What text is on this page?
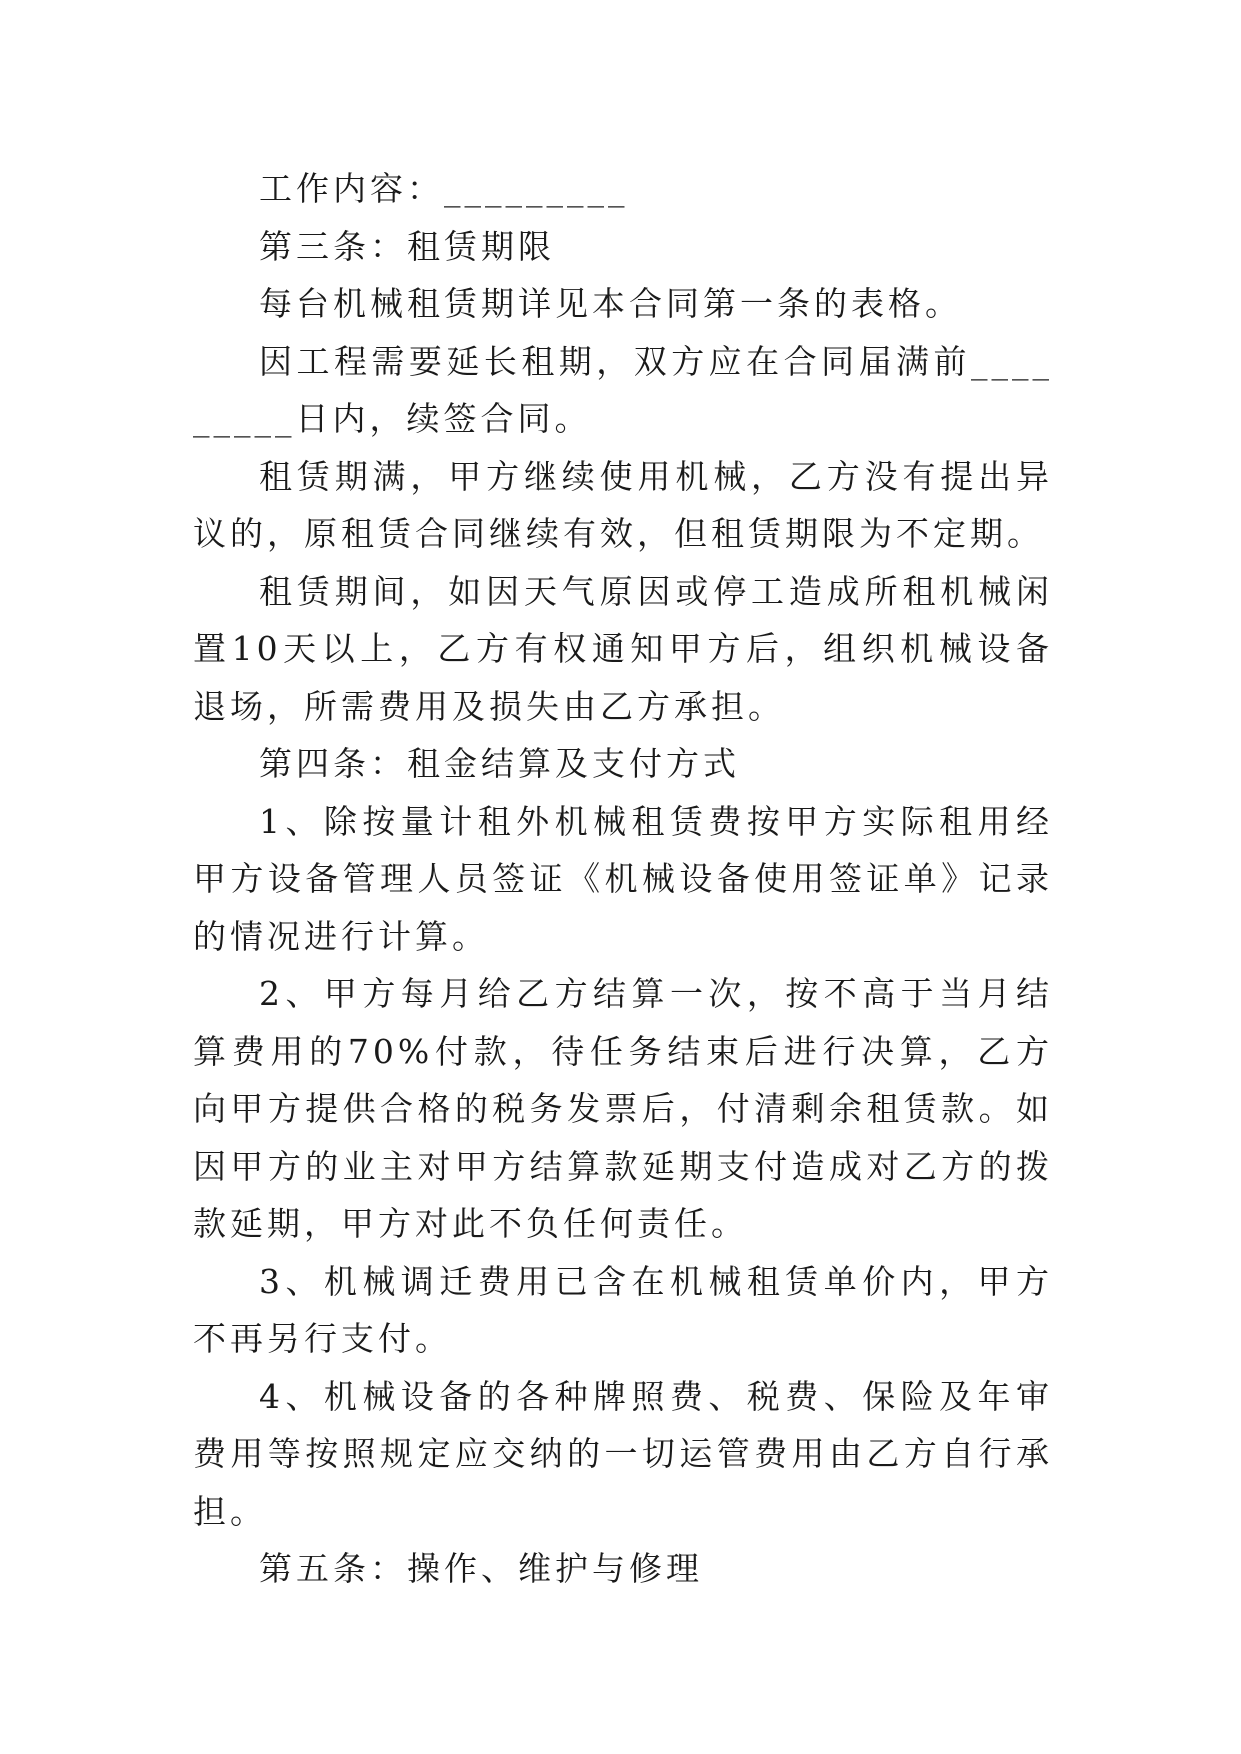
工作内容：_________

第三条：租赁期限

每台机械租赁期详见本合同第一条的表格。

因工程需要延长租期，双方应在合同届满前_________日内，续签合同。

租赁期满，甲方继续使用机械，乙方没有提出异议的，原租赁合同继续有效，但租赁期限为不定期。

租赁期间，如因天气原因或停工造成所租机械闲置10天以上，乙方有权通知甲方后，组织机械设备退场，所需费用及损失由乙方承担。

第四条：租金结算及支付方式

1、除按量计租外机械租赁费按甲方实际租用经甲方设备管理人员签证《机械设备使用签证单》记录的情况进行计算。

2、甲方每月给乙方结算一次，按不高于当月结算费用的70%付款，待任务结束后进行决算，乙方向甲方提供合格的税务发票后，付清剩余租赁款。如因甲方的业主对甲方结算款延期支付造成对乙方的拨款延期，甲方对此不负任何责任。

3、机械调迁费用已含在机械租赁单价内，甲方不再另行支付。

4、机械设备的各种牌照费、税费、保险及年审费用等按照规定应交纳的一切运管费用由乙方自行承担。

第五条：操作、维护与修理
